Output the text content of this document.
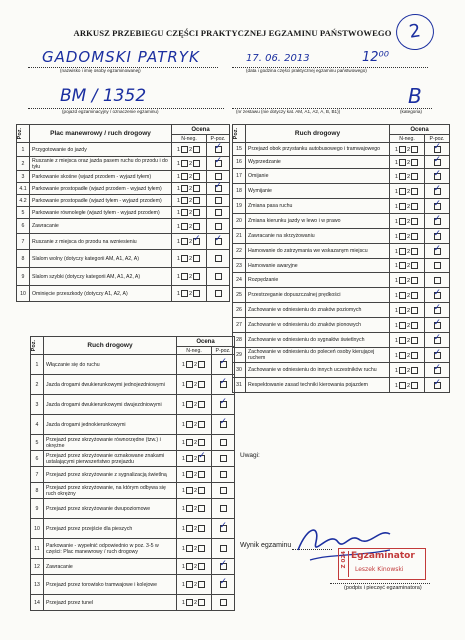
ARKUSZ PRZEBIEGU CZĘŚCI PRAKTYCZNEJ EGZAMINU PAŃSTWOWEGO 2
GADOMSKI PATRYK
(nazwisko i imię osoby egzaminowanej)
17. 06. 2013	12⁰⁰
(data i godzina części praktycznej egzaminu państwowego)
BM / 1352
(pojazd egzaminacyjny / oznaczenie egzaminu)
B
(nr zestawu (nie dotyczy kat. AM, A1, A2, A, B, B1))	(kategoria)
Poz.	Plac manewrowy / ruch drogowy	Ocena	
		N-neg.	P-poz.
1	Przygotowanie do jazdy	1 2	✓

2	Ruszanie z miejsca oraz jazda pasem ruchu do przodu i do tyłu	1 2	✓

3	Parkowanie skośne (wjazd przodem - wyjazd tyłem)	1 2

4.1	Parkowanie prostopadłe (wjazd przodem - wyjazd tyłem)	1 2	✓

4.2	Parkowanie prostopadłe (wjazd tyłem - wyjazd przodem)	1 2

5	Parkowanie równoległe (wjazd tyłem - wyjazd przodem)	1 2

6	Zawracanie	1 2

7	Ruszanie z miejsca do przodu na wzniesieniu	1 2 ✓	✓

8	Slalom wolny (dotyczy kategorii AM, A1, A2, A)	1 2

9	Slalom szybki (dotyczy kategorii AM, A1, A2, A)	1 2

10	Ominięcie przeszkody (dotyczy A1, A2, A)	1 2

Poz.	Ruch drogowy	Ocena	
		N-neg.	P-poz.
15	Przejazd obok przystanku autobusowego i tramwajowego	1 2	✓

16	Wyprzedzanie	1 2	✓

17	Omijanie	1 2	✓

18	Wymijanie	1 2	✓

19	Zmiana pasa ruchu	1 2	✓

20	Zmiana kierunku jazdy w lewo i w prawo	1 2	✓

21	Zawracanie na skrzyżowaniu	1 2	✓

22	Hamowanie do zatrzymania we wskazanym miejscu	1 2	✓

23	Hamowanie awaryjne	1 2

24	Rozpędzanie	1 2

25	Przestrzeganie dopuszczalnej prędkości	1 2	✓

26	Zachowanie w odniesieniu do znaków poziomych	1 2	✓

27	Zachowanie w odniesieniu do znaków pionowych	1 2	✓

28	Zachowanie w odniesieniu do sygnałów świetlnych	1 2	✓

29	Zachowanie w odniesieniu do poleceń osoby kierującej ruchem	1 2	✓

30	Zachowanie w odniesieniu do innych uczestników ruchu	1 2	✓

31	Respektowanie zasad techniki kierowania pojazdem	1 2	✓
Poz.	Ruch drogowy	Ocena	
		N-neg.	P-poz.
1	Włączanie się do ruchu	1 2	✓

2	Jazda drogami dwukierunkowymi jednojezdniowymi	1 2	✓

3	Jazda drogami dwukierunkowymi dwujezdniowymi	1 2	✓

4	Jazda drogami jednokierunkowymi	1 2	✓

5	Przejazd przez skrzyżowanie równorzędne (tzw.) i okrężne	1 2

6	Przejazd przez skrzyżowanie oznakowane znakami ustalającymi pierwszeństwo przejazdu	1 2 ✓	

7	Przejazd przez skrzyżowanie z sygnalizacją świetlną	1 2

8	Przejazd przez skrzyżowanie, na którym odbywa się ruch okrężny	1 2

9	Przejazd przez skrzyżowanie dwupoziomowe	1 2

10	Przejazd przez przejście dla pieszych	1 2	✓

11	Parkowanie - wypełnić odpowiednio w poz. 3-5 w części: Plac manewrowy / ruch drogowy	1 2

12	Zawracanie	1 2	✓

13	Przejazd przez torowisko tramwajowe i kolejowe	1 2	✓

14	Przejazd przez tunel	1 2

Uwagi:
Wynik egzaminu
Z 024 Egzaminator
Leszek Kinowski
(podpis i pieczęć egzaminatora)
